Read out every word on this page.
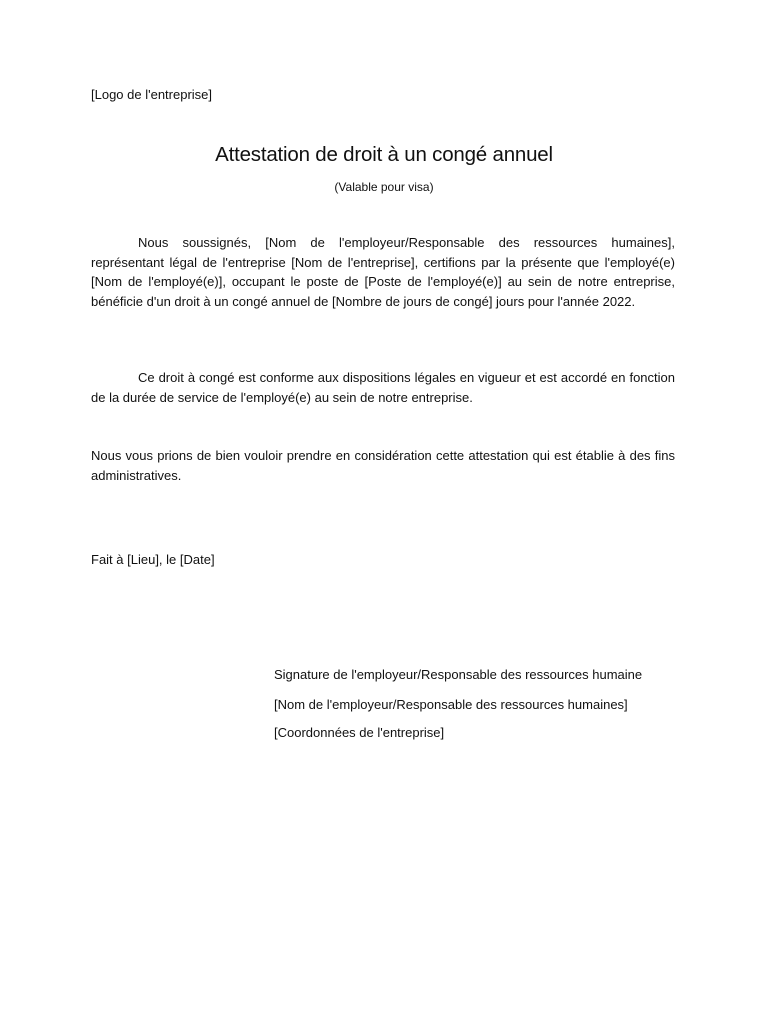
[Logo de l'entreprise]
Attestation de droit à un congé annuel
(Valable pour visa)

Nous soussignés, [Nom de l'employeur/Responsable des ressources humaines], représentant légal de l'entreprise [Nom de l'entreprise], certifions par la présente que l'employé(e) [Nom de l'employé(e)], occupant le poste de [Poste de l'employé(e)] au sein de notre entreprise, bénéficie d'un droit à un congé annuel de [Nombre de jours de congé] jours pour l'année 2022.

Ce droit à congé est conforme aux dispositions légales en vigueur et est accordé en fonction de la durée de service de l'employé(e) au sein de notre entreprise.

Nous vous prions de bien vouloir prendre en considération cette attestation qui est établie à des fins administratives.

Fait à [Lieu], le [Date]
Signature de l'employeur/Responsable des ressources humaine
[Nom de l'employeur/Responsable des ressources humaines]
[Coordonnées de l'entreprise]
